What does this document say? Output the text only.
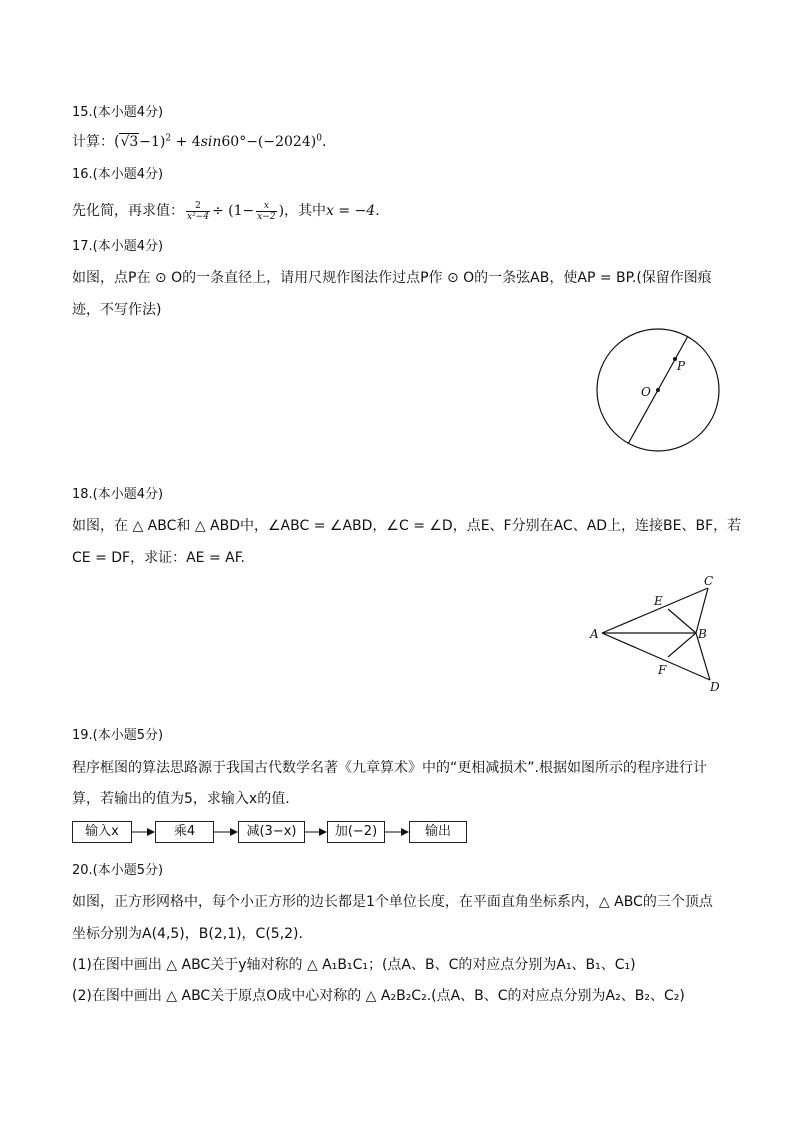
15.(本小题4分)
计算：$(√3-1)^2 + 4\sin 60^\circ-(-2024)^0$.
16.(本小题4分)
先化简，再求值： $\frac{2}{\text{x²−4}} \div (1- \frac{x}{x-2}$ )，其中x = −4.
17.(本小题4分)
如图，点P在 ⊙ O的一条直径上，请用尺规作图法作过点P作 ⊙ O的一条弦AB，使AP = BP.(保留作图痕
迹，不写作法)
P
O
18.(本小题4分)
如图，在 △ ABC和 △ ABD中，∠ABC = ∠ABD，∠C = ∠D，点E、F分别在AC、AD上，连接BE、BF，若
CE = DF，求证：AE = AF.
A	B
C
D
E
F
19.(本小题5分)
程序框图的算法思路源于我国古代数学名著《九章算术》中的“更相减损术”.根据如图所示的程序进行计
算，若输出的值为5，求输入x的值.
输入x	乘4	减(3−x)	加(−2)	输出
20.(本小题5分)
如图，正方形网格中，每个小正方形的边长都是1个单位长度，在平面直角坐标系内，△ ABC的三个顶点
坐标分别为A(4,5)，B(2,1)，C(5,2).
(1)在图中画出 △ ABC关于y轴对称的 △ A₁B₁C₁；(点A、B、C的对应点分别为A₁、B₁、C₁)
(2)在图中画出 △ ABC关于原点O成中心对称的 △ A₂B₂C₂.(点A、B、C的对应点分别为A₂、B₂、C₂)
